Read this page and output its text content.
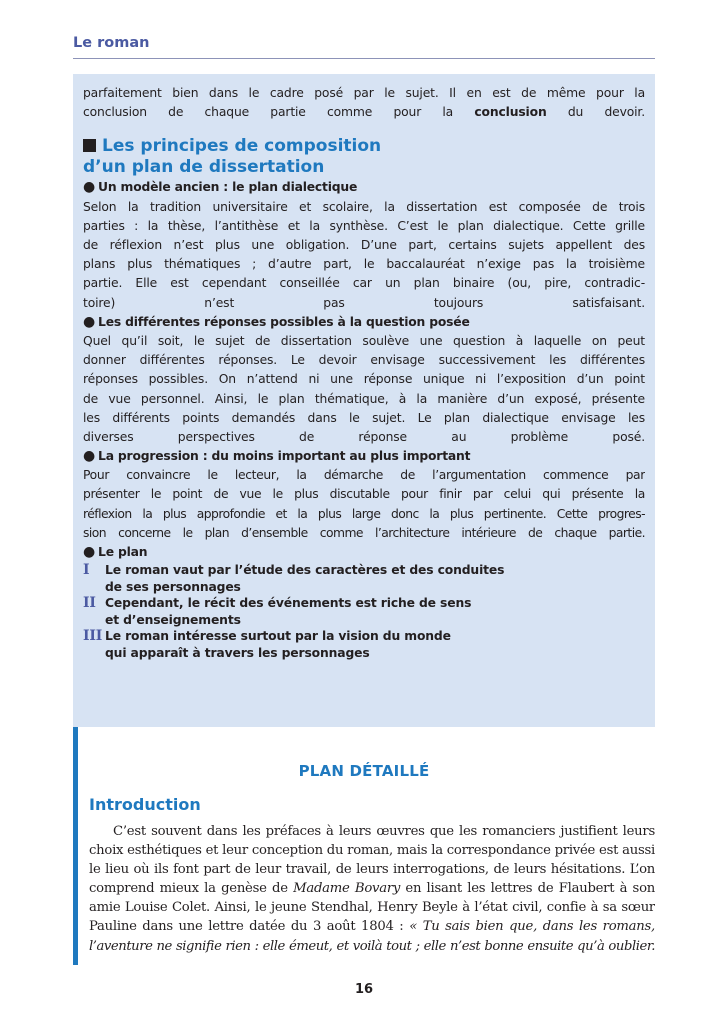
Le roman
parfaitement bien dans le cadre posé par le sujet. Il en est de même pour la
conclusion de chaque partie comme pour la conclusion du devoir.
Les principes de composition
d’un plan de dissertation
● Un modèle ancien : le plan dialectique
Selon la tradition universitaire et scolaire, la dissertation est composée de trois
parties : la thèse, l’antithèse et la synthèse. C’est le plan dialectique. Cette grille
de réflexion n’est plus une obligation. D’une part, certains sujets appellent des
plans plus thématiques ; d’autre part, le baccalauréat n’exige pas la troisième
partie. Elle est cependant conseillée car un plan binaire (ou, pire, contradic-
toire) n’est pas toujours satisfaisant.
● Les différentes réponses possibles à la question posée
Quel qu’il soit, le sujet de dissertation soulève une question à laquelle on peut
donner différentes réponses. Le devoir envisage successivement les différentes
réponses possibles. On n’attend ni une réponse unique ni l’exposition d’un point
de vue personnel. Ainsi, le plan thématique, à la manière d’un exposé, présente
les différents points demandés dans le sujet. Le plan dialectique envisage les
diverses perspectives de réponse au problème posé.
● La progression : du moins important au plus important
Pour convaincre le lecteur, la démarche de l’argumentation commence par
présenter le point de vue le plus discutable pour finir par celui qui présente la
réflexion la plus approfondie et la plus large donc la plus pertinente. Cette progres-
sion concerne le plan d’ensemble comme l’architecture intérieure de chaque partie.
● Le plan
I Le roman vaut par l’étude des caractères et des conduites
de ses personnages
II Cependant, le récit des événements est riche de sens
et d’enseignements
III Le roman intéresse surtout par la vision du monde
qui apparaît à travers les personnages
PLAN DÉTAILLÉ
Introduction
C’est souvent dans les préfaces à leurs œuvres que les romanciers justifient leurs
choix esthétiques et leur conception du roman, mais la correspondance privée est aussi
le lieu où ils font part de leur travail, de leurs interrogations, de leurs hésitations. L’on
comprend mieux la genèse de Madame Bovary en lisant les lettres de Flaubert à son
amie Louise Colet. Ainsi, le jeune Stendhal, Henry Beyle à l’état civil, confie à sa sœur
Pauline dans une lettre datée du 3 août 1804 : « Tu sais bien que, dans les romans,
l’aventure ne signifie rien : elle émeut, et voilà tout ; elle n’est bonne ensuite qu’à oublier.
16
